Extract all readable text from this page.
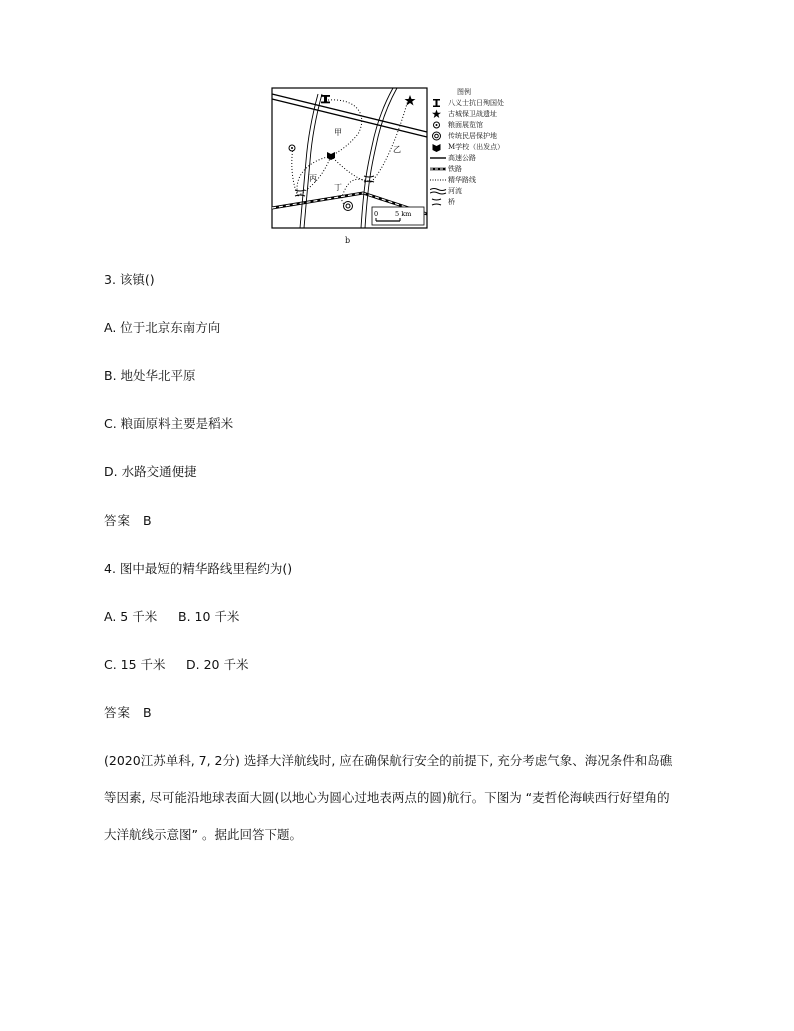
甲
乙
丙
丁
0	5 km
图例
八义士抗日殉国处
古城保卫战遗址
粮面展览馆
传统民居保护地
M学校（出发点）
高速公路
铁路
精华路线
河流
桥
b
3. 该镇()
A. 位于北京东南方向
B. 地处华北平原
C. 粮面原料主要是稻米
D. 水路交通便捷
答案 B
4. 图中最短的精华路线里程约为()
A. 5 千米 B. 10 千米
C. 15 千米 D. 20 千米
答案 B
(2020江苏单科, 7, 2分) 选择大洋航线时, 应在确保航行安全的前提下, 充分考虑气象、海况条件和岛礁
等因素, 尽可能沿地球表面大圆(以地心为圆心过地表两点的圆)航行。下图为 “麦哲伦海峡西行好望角的
大洋航线示意图” 。据此回答下题。
